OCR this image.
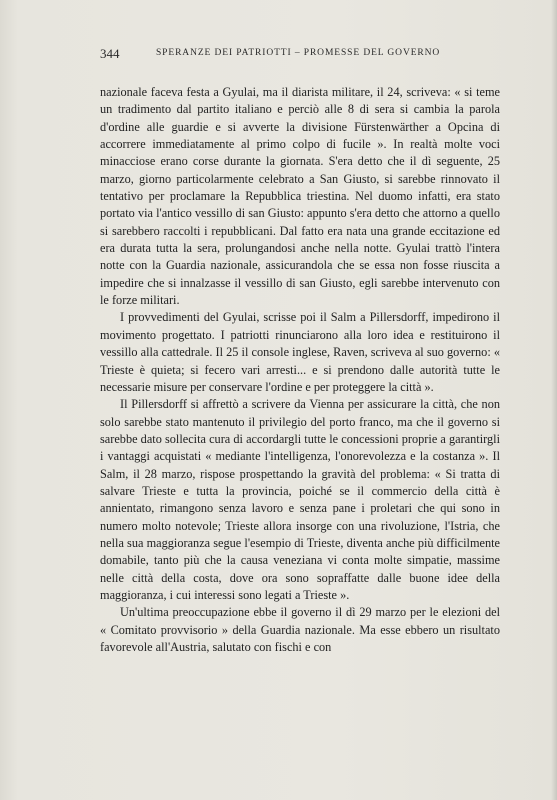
344	SPERANZE DEI PATRIOTTI – PROMESSE DEL GOVERNO

nazionale faceva festa a Gyulai, ma il diarista militare, il 24, scriveva: « si teme un tradimento dal partito italiano e perciò alle 8 di sera si cambia la parola d'ordine alle guardie e si avverte la divisione Fürstenwärther a Opcina di accorrere immediatamente al primo colpo di fucile ». In realtà molte voci minacciose erano corse durante la giornata. S'era detto che il dì seguente, 25 marzo, giorno particolarmente celebrato a San Giusto, si sarebbe rinnovato il tentativo per proclamare la Repubblica triestina. Nel duomo infatti, era stato portato via l'antico vessillo di san Giusto: appunto s'era detto che attorno a quello si sarebbero raccolti i repubblicani. Dal fatto era nata una grande eccitazione ed era durata tutta la sera, prolungandosi anche nella notte. Gyulai trattò l'intera notte con la Guardia nazionale, assicurandola che se essa non fosse riuscita a impedire che si innalzasse il vessillo di san Giusto, egli sarebbe intervenuto con le forze militari.

I provvedimenti del Gyulai, scrisse poi il Salm a Pillersdorff, impedirono il movimento progettato. I patriotti rinunciarono alla loro idea e restituirono il vessillo alla cattedrale. Il 25 il console inglese, Raven, scriveva al suo governo: « Trieste è quieta; si fecero vari arresti... e si prendono dalle autorità tutte le necessarie misure per conservare l'ordine e per proteggere la città ».

Il Pillersdorff si affrettò a scrivere da Vienna per assicurare la città, che non solo sarebbe stato mantenuto il privilegio del porto franco, ma che il governo si sarebbe dato sollecita cura di accordargli tutte le concessioni proprie a garantirgli i vantaggi acquistati « mediante l'intelligenza, l'onorevolezza e la costanza ». Il Salm, il 28 marzo, rispose prospettando la gravità del problema: « Si tratta di salvare Trieste e tutta la provincia, poiché se il commercio della città è annientato, rimangono senza lavoro e senza pane i proletari che qui sono in numero molto notevole; Trieste allora insorge con una rivoluzione, l'Istria, che nella sua maggioranza segue l'esempio di Trieste, diventa anche più difficilmente domabile, tanto più che la causa veneziana vi conta molte simpatie, massime nelle città della costa, dove ora sono sopraffatte dalle buone idee della maggioranza, i cui interessi sono legati a Trieste ».

Un'ultima preoccupazione ebbe il governo il dì 29 marzo per le elezioni del « Comitato provvisorio » della Guardia nazionale. Ma esse ebbero un risultato favorevole all'Austria, salutato con fischi e con
